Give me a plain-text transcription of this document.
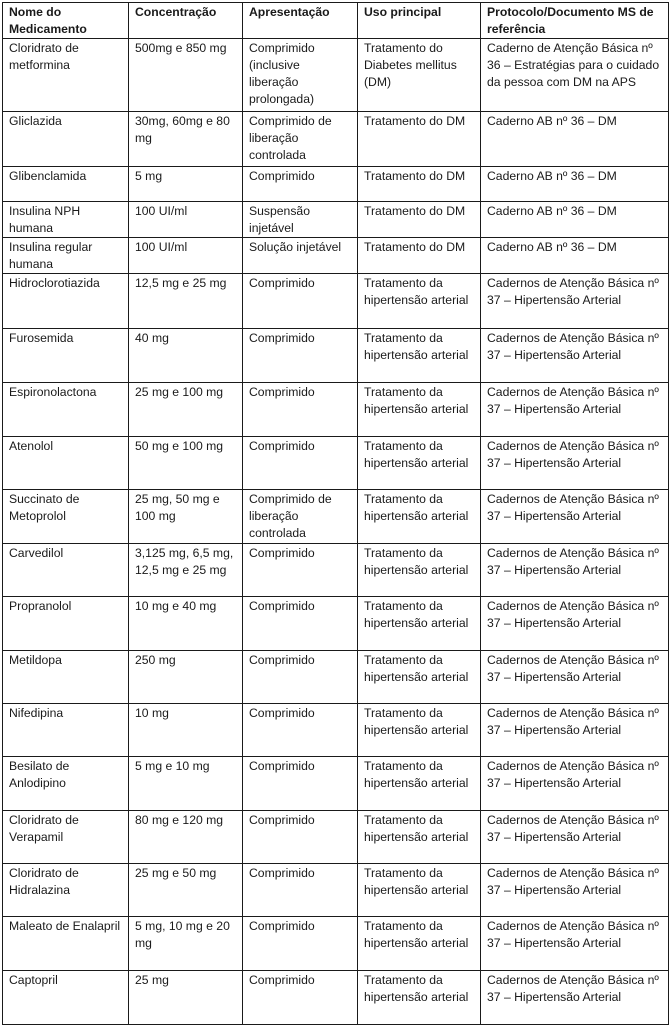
Nome do Medicamento	Concentração	Apresentação	Uso principal	Protocolo/Documento MS de referência
Cloridrato de metformina	500mg e 850 mg	Comprimido (inclusive liberação prolongada)	Tratamento do Diabetes mellitus (DM)	Caderno de Atenção Básica nº 36 – Estratégias para o cuidado da pessoa com DM na APS
Gliclazida	30mg, 60mg e 80 mg	Comprimido de liberação controlada	Tratamento do DM	Caderno AB nº 36 – DM
Glibenclamida	5 mg	Comprimido	Tratamento do DM	Caderno AB nº 36 – DM
Insulina NPH humana	100 UI/ml	Suspensão injetável	Tratamento do DM	Caderno AB nº 36 – DM
Insulina regular humana	100 UI/ml	Solução injetável	Tratamento do DM	Caderno AB nº 36 – DM
Hidroclorotiazida	12,5 mg e 25 mg	Comprimido	Tratamento da hipertensão arterial	Cadernos de Atenção Básica nº 37 – Hipertensão Arterial
Furosemida	40 mg	Comprimido	Tratamento da hipertensão arterial	Cadernos de Atenção Básica nº 37 – Hipertensão Arterial
Espironolactona	25 mg e 100 mg	Comprimido	Tratamento da hipertensão arterial	Cadernos de Atenção Básica nº 37 – Hipertensão Arterial
Atenolol	50 mg e 100 mg	Comprimido	Tratamento da hipertensão arterial	Cadernos de Atenção Básica nº 37 – Hipertensão Arterial
Succinato de Metoprolol	25 mg, 50 mg e 100 mg	Comprimido de liberação controlada	Tratamento da hipertensão arterial	Cadernos de Atenção Básica nº 37 – Hipertensão Arterial
Carvedilol	3,125 mg, 6,5 mg, 12,5 mg e 25 mg	Comprimido	Tratamento da hipertensão arterial	Cadernos de Atenção Básica nº 37 – Hipertensão Arterial
Propranolol	10 mg e 40 mg	Comprimido	Tratamento da hipertensão arterial	Cadernos de Atenção Básica nº 37 – Hipertensão Arterial
Metildopa	250 mg	Comprimido	Tratamento da hipertensão arterial	Cadernos de Atenção Básica nº 37 – Hipertensão Arterial
Nifedipina	10 mg	Comprimido	Tratamento da hipertensão arterial	Cadernos de Atenção Básica nº 37 – Hipertensão Arterial
Besilato de Anlodipino	5 mg e 10 mg	Comprimido	Tratamento da hipertensão arterial	Cadernos de Atenção Básica nº 37 – Hipertensão Arterial
Cloridrato de Verapamil	80 mg e 120 mg	Comprimido	Tratamento da hipertensão arterial	Cadernos de Atenção Básica nº 37 – Hipertensão Arterial
Cloridrato de Hidralazina	25 mg e 50 mg	Comprimido	Tratamento da hipertensão arterial	Cadernos de Atenção Básica nº 37 – Hipertensão Arterial
Maleato de Enalapril	5 mg, 10 mg e 20 mg	Comprimido	Tratamento da hipertensão arterial	Cadernos de Atenção Básica nº 37 – Hipertensão Arterial
Captopril	25 mg	Comprimido	Tratamento da hipertensão arterial	Cadernos de Atenção Básica nº 37 – Hipertensão Arterial
